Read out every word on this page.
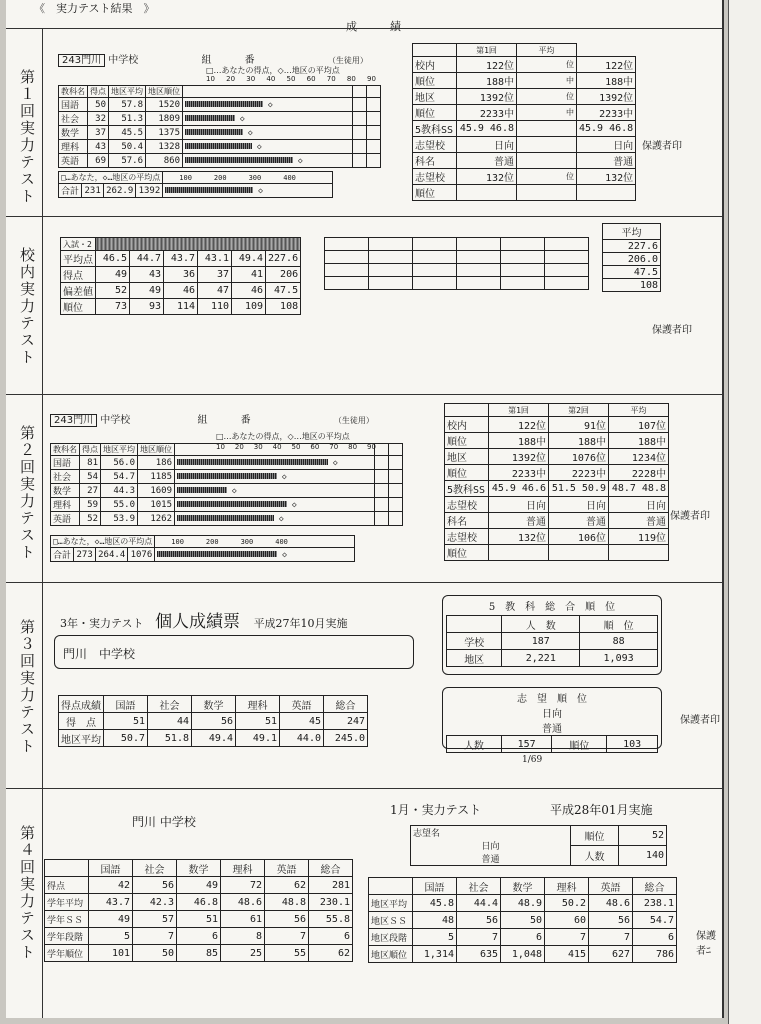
《　実力テスト結果　》
成　　　績
第１回実力テスト
243門川 中学校	組	番	（生徒用）
□…あなたの得点，◇…地区の平均点
10 20 30 40 50 60 70 80 90
教科名	得点	地区平均	地区順位			
国語	50	57.8	1520	◇		
社会	32	51.3	1809	◇		
数学	37	45.5	1375	◇		
理科	43	50.4	1328	◇		
英語	69	57.6	860	◇		
□…あなた，◇…地区の平均点				100 200 300 400
合計	231	262.9	1392	◇
	第1回	平均	
校内	122位	位	122位
順位	188中	中	188中
地区	1392位	位	1392位
順位	2233中	中	2233中
5教科SS	45.9 46.8		45.9 46.8
志望校	日向		日向
科名	普通		普通
志望校	132位	位	132位
順位			
保護者印
校内実力テスト
入試・2						
平均点	46.5	44.7	43.7	43.1	49.4	227.6
得点	49	43	36	37	41	206
偏差値	52	49	46	47	46	47.5
順位	73	93	114	110	109	108

平均
227.6
206.0
47.5
108
保護者印
第２回実力テスト
243門川 中学校	組	番	（生徒用）
□…あなたの得点，◇…地区の平均点
10 20 30 40 50 60 70 80 90
教科名	得点	地区平均	地区順位			
国語	81	56.0	186	◇		
社会	54	54.7	1185	◇		
数学	27	44.3	1609	◇		
理科	59	55.0	1015	◇		
英語	52	53.9	1262	◇		
□…あなた，◇…地区の平均点				100 200 300 400
合計	273	264.4	1076	◇
	第1回	第2回	平均
校内	122位	91位	107位
順位	188中	188中	188中
地区	1392位	1076位	1234位
順位	2233中	2223中	2228中
5教科SS	45.9 46.6	51.5 50.9	48.7 48.8
志望校	日向	日向	日向
科名	普通	普通	普通
志望校	132位	106位	119位
順位			
保護者印
第３回実力テスト 3年・実力テスト 個人成績票 平成27年10月実施
門川　中学校
得点成績	国語	社会	数学	理科	英語	総合
得　点	51	44	56	51	45	247
地区平均	50.7	51.8	49.4	49.1	44.0	245.0
5　教　科　総　合　順　位
	人　数	順　位
学校	187	88
地区	2,221	1,093
志　望　順　位
日向
普通
人数	157	順位	103
1/69
保護者印
第４回実力テスト
門川 中学校
1月・実力テスト	平成28年01月実施
	国語	社会	数学	理科	英語	総合
得点	42	56	49	72	62	281
学年平均	43.7	42.3	46.8	48.6	48.8	230.1
学年ＳＳ	49	57	51	61	56	55.8
学年段階	5	7	6	8	7	6
学年順位	101	50	85	25	55	62
志望名
日向
普通	順位	52
	人数	140
	国語	社会	数学	理科	英語	総合
地区平均	45.8	44.4	48.9	50.2	48.6	238.1
地区ＳＳ	48	56	50	60	56	54.7
地区段階	5	7	6	7	7	6
地区順位	1,314	635	1,048	415	627	786
保護者ﾆ
